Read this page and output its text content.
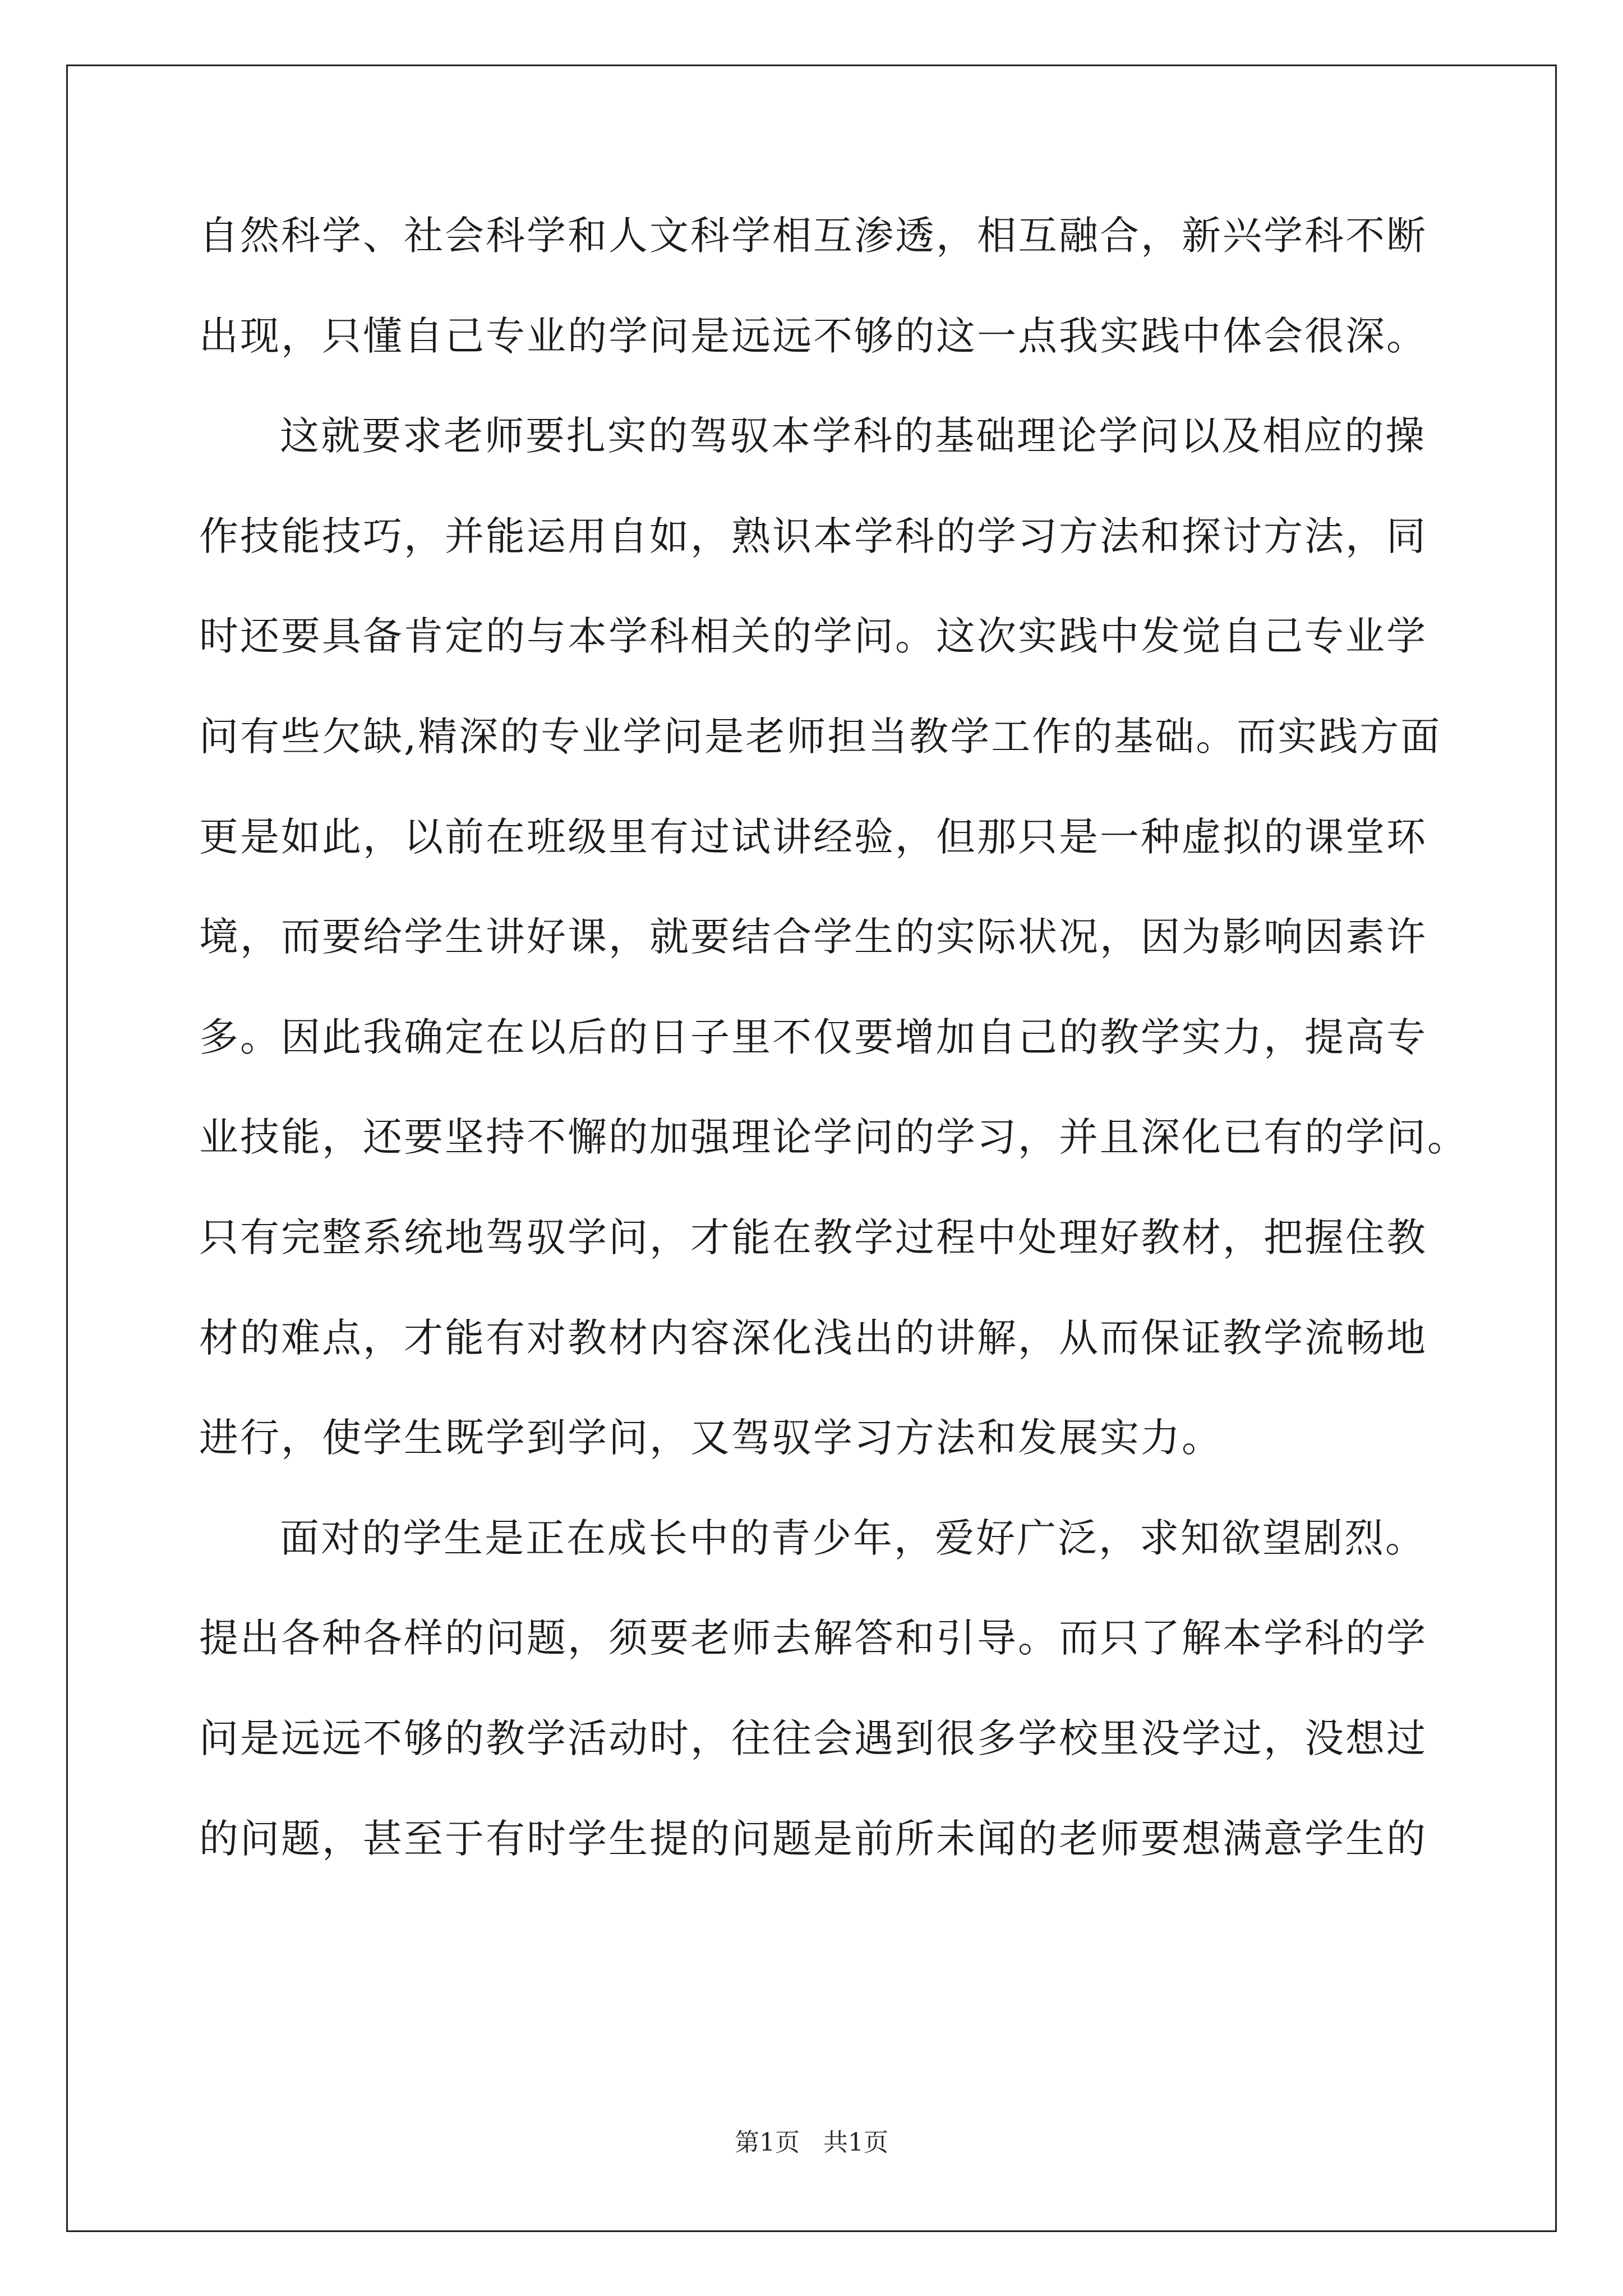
自然科学、社会科学和人文科学相互渗透，相互融合，新兴学科不断
出现，只懂自己专业的学问是远远不够的这一点我实践中体会很深。
这就要求老师要扎实的驾驭本学科的基础理论学问以及相应的操
作技能技巧，并能运用自如，熟识本学科的学习方法和探讨方法，同
时还要具备肯定的与本学科相关的学问。这次实践中发觉自己专业学
问有些欠缺,精深的专业学问是老师担当教学工作的基础。而实践方面
更是如此，以前在班级里有过试讲经验，但那只是一种虚拟的课堂环
境，而要给学生讲好课，就要结合学生的实际状况，因为影响因素许
多。因此我确定在以后的日子里不仅要增加自己的教学实力，提高专
业技能，还要坚持不懈的加强理论学问的学习，并且深化已有的学问。
只有完整系统地驾驭学问，才能在教学过程中处理好教材，把握住教
材的难点，才能有对教材内容深化浅出的讲解，从而保证教学流畅地
进行，使学生既学到学问，又驾驭学习方法和发展实力。
面对的学生是正在成长中的青少年，爱好广泛，求知欲望剧烈。
提出各种各样的问题，须要老师去解答和引导。而只了解本学科的学
问是远远不够的教学活动时，往往会遇到很多学校里没学过，没想过
的问题，甚至于有时学生提的问题是前所未闻的老师要想满意学生的
第1页   共1页
